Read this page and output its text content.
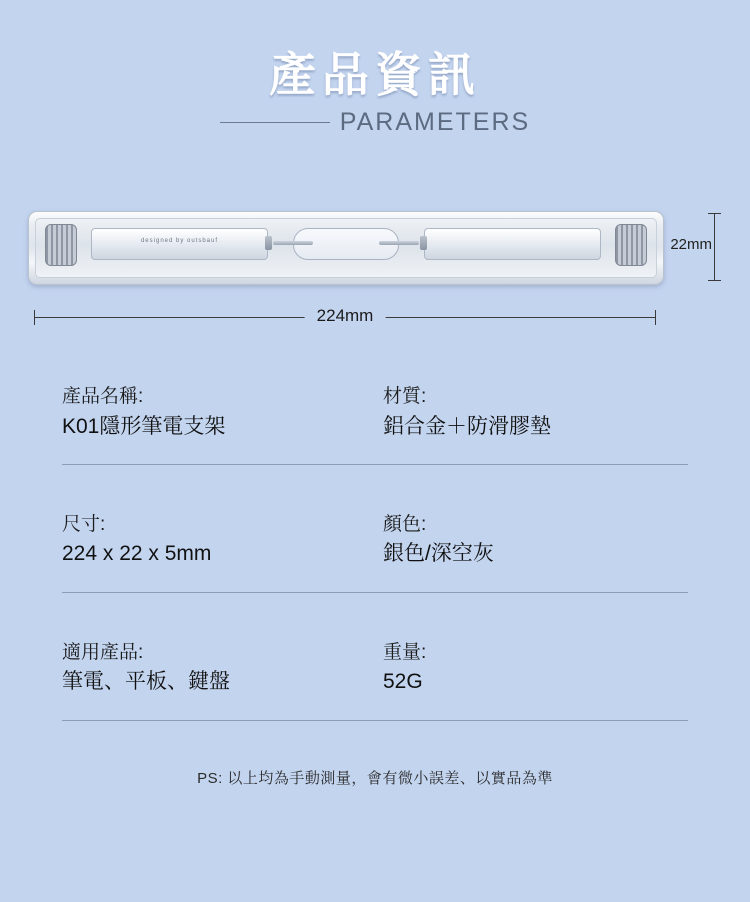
產品資訊
PARAMETERS
designed by outsbauf	22mm
224mm
產品名稱:
K01隱形筆電支架
材質:
鋁合金＋防滑膠墊
尺寸:
224 x 22 x 5mm
顏色:
銀色/深空灰
適用產品:
筆電、平板、鍵盤
重量:
52G
PS: 以上均為手動測量，會有微小誤差、以實品為準
